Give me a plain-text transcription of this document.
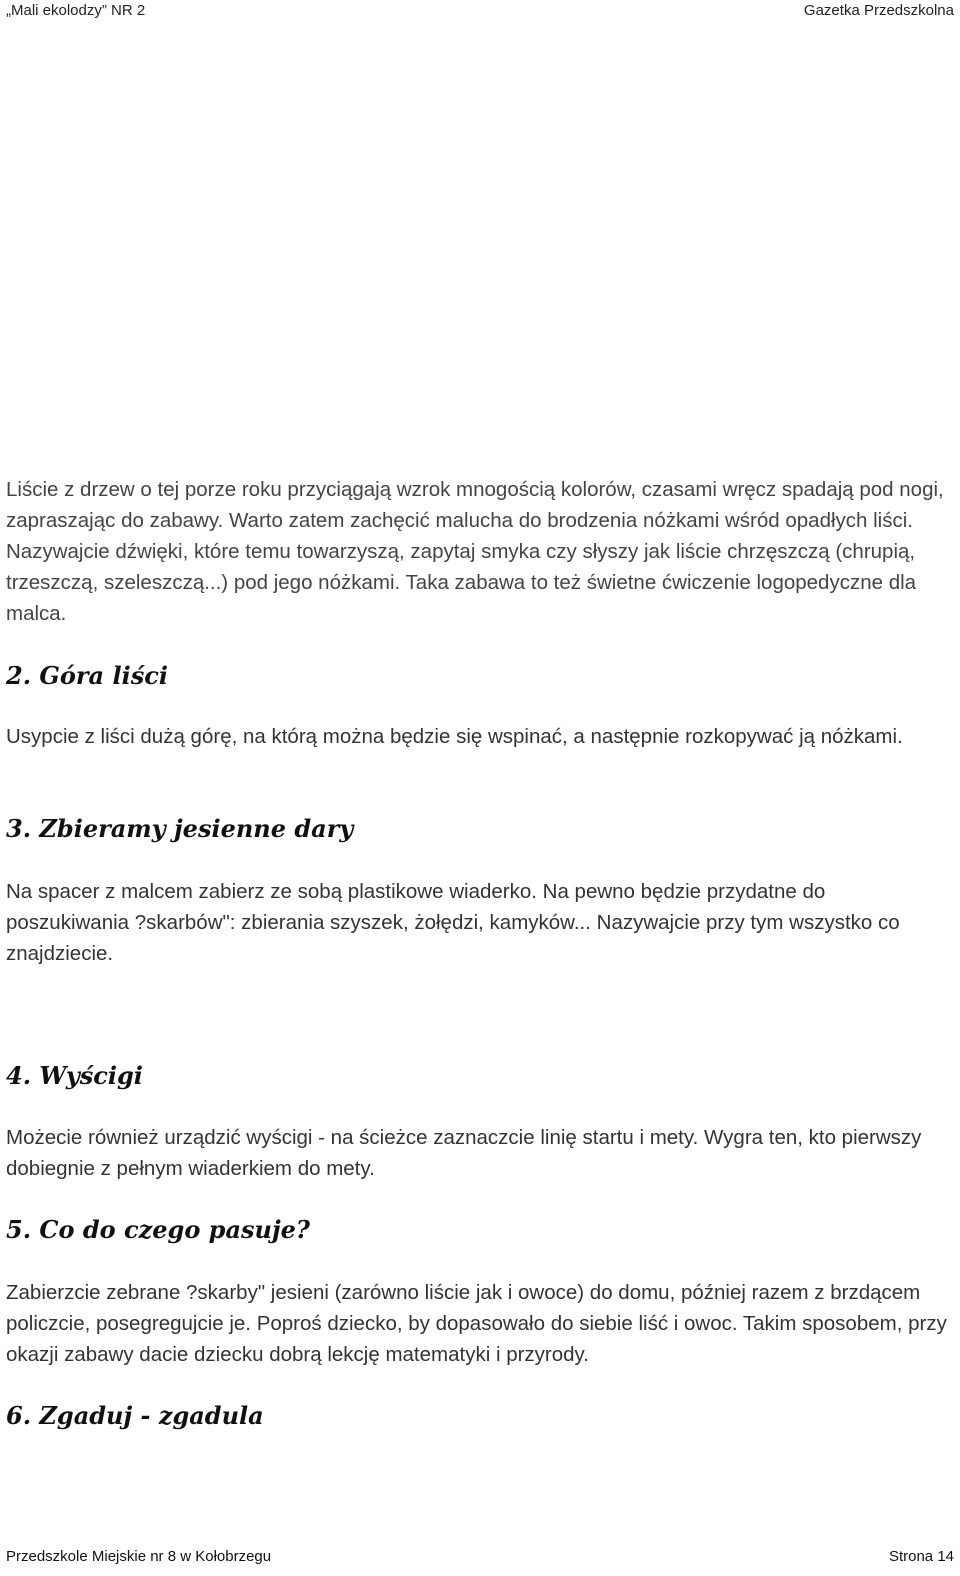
„Mali ekolodzy” NR 2	Gazetka Przedszkolna
Liście z drzew o tej porze roku przyciągają wzrok mnogością kolorów, czasami wręcz spadają pod nogi, zapraszając do zabawy. Warto zatem zachęcić malucha do brodzenia nóżkami wśród opadłych liści. Nazywajcie dźwięki, które temu towarzyszą, zapytaj smyka czy słyszy jak liście chrzęszczą (chrupią, trzeszczą, szeleszczą...) pod jego nóżkami. Taka zabawa to też świetne ćwiczenie logopedyczne dla malca.
2. Góra liści
Usypcie z liści dużą górę, na którą można będzie się wspinać, a następnie rozkopywać ją nóżkami.
3. Zbieramy jesienne dary
Na spacer z malcem zabierz ze sobą plastikowe wiaderko. Na pewno będzie przydatne do poszukiwania ?skarbów": zbierania szyszek, żołędzi, kamyków... Nazywajcie przy tym wszystko co znajdziecie.
4. Wyścigi
Możecie również urządzić wyścigi - na ścieżce zaznaczcie linię startu i mety. Wygra ten, kto pierwszy dobiegnie z pełnym wiaderkiem do mety.
5. Co do czego pasuje?
Zabierzcie zebrane ?skarby" jesieni (zarówno liście jak i owoce) do domu, później razem z brzdącem policzcie, posegregujcie je. Poproś dziecko, by dopasowało do siebie liść i owoc. Takim sposobem, przy okazji zabawy dacie dziecku dobrą lekcję matematyki i przyrody.
6. Zgaduj - zgadula
Przedszkole Miejskie nr 8 w Kołobrzegu	Strona 14
